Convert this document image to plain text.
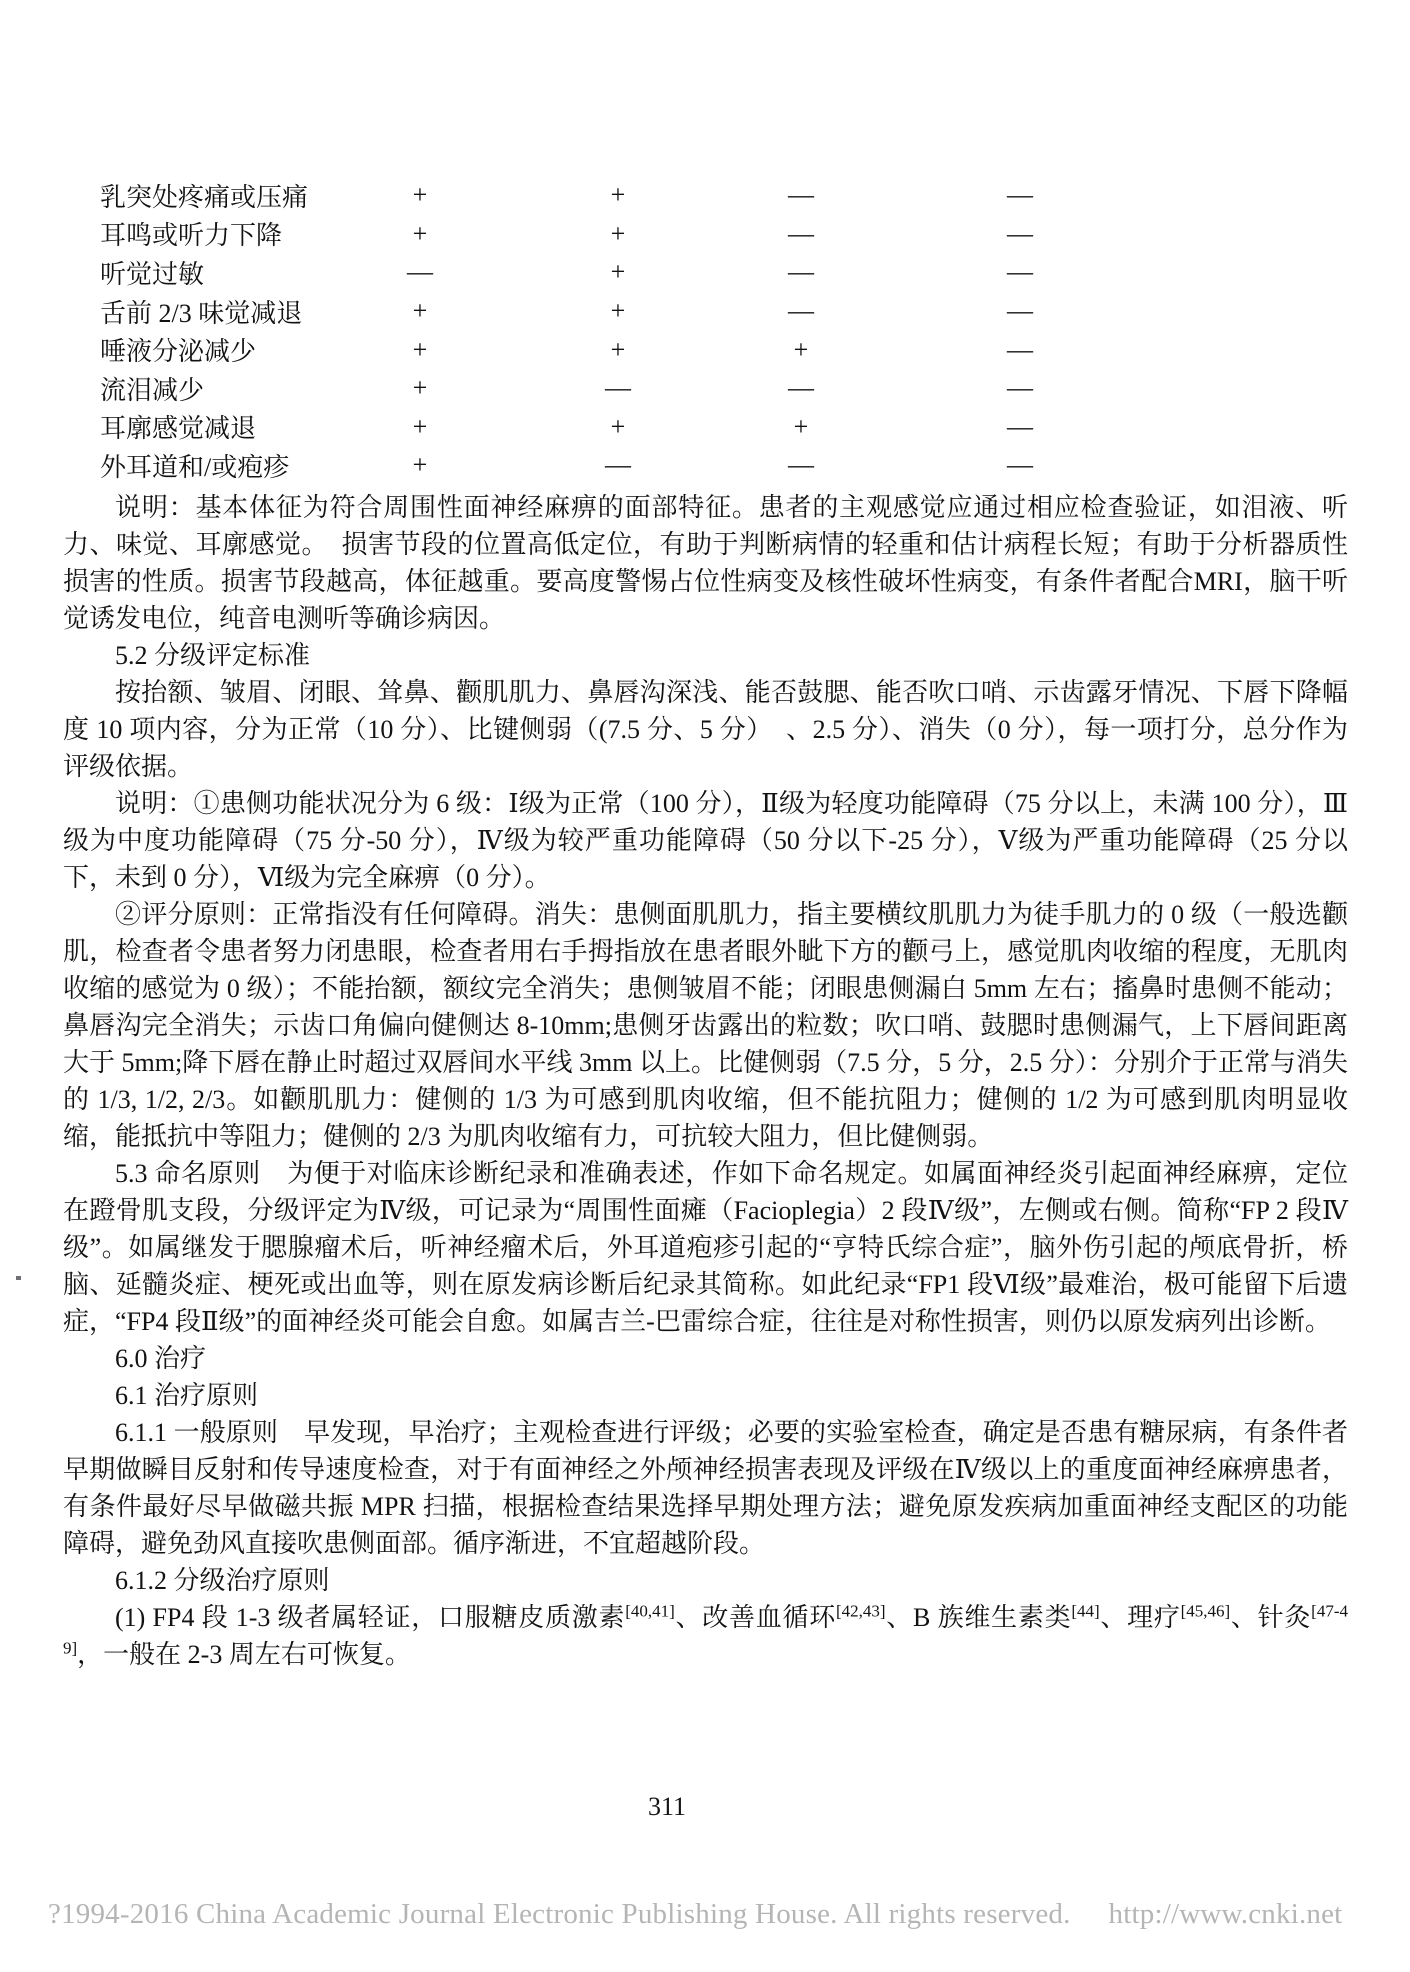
乳突处疼痛或压痛	+	+	—	—
耳鸣或听力下降	+	+	—	—
听觉过敏	—	+	—	—
舌前 2/3 味觉减退	+	+	—	—
唾液分泌减少	+	+	+	—
流泪减少	+	—	—	—
耳廓感觉减退	+	+	+	—
外耳道和/或疱疹	+	—	—	—

说明：基本体征为符合周围性面神经麻痹的面部特征。患者的主观感觉应通过相应检查验证，如泪液、听力、味觉、耳廓感觉。　损害节段的位置高低定位，有助于判断病情的轻重和估计病程长短；有助于分析器质性损害的性质。损害节段越高，体征越重。要高度警惕占位性病变及核性破坏性病变，有条件者配合MRI，脑干听觉诱发电位，纯音电测听等确诊病因。

5.2 分级评定标准

按抬额、皱眉、闭眼、耸鼻、颧肌肌力、鼻唇沟深浅、能否鼓腮、能否吹口哨、示齿露牙情况、下唇下降幅度 10 项内容，分为正常（10 分）、比键侧弱（(7.5 分、5 分）　、2.5 分）、消失（0 分），每一项打分，总分作为评级依据。

说明：①患侧功能状况分为 6 级：Ⅰ级为正常（100 分），Ⅱ级为轻度功能障碍（75 分以上，未满 100 分），Ⅲ级为中度功能障碍（75 分-50 分），Ⅳ级为较严重功能障碍（50 分以下-25 分），Ⅴ级为严重功能障碍（25 分以下，未到 0 分），Ⅵ级为完全麻痹（0 分）。

②评分原则：正常指没有任何障碍。消失：患侧面肌肌力，指主要横纹肌肌力为徒手肌力的 0 级（一般选颧肌，检查者令患者努力闭患眼，检查者用右手拇指放在患者眼外眦下方的颧弓上，感觉肌肉收缩的程度，无肌肉收缩的感觉为 0 级）；不能抬额，额纹完全消失；患侧皱眉不能；闭眼患侧漏白 5mm 左右；搐鼻时患侧不能动；鼻唇沟完全消失；示齿口角偏向健侧达 8-10mm;患侧牙齿露出的粒数；吹口哨、鼓腮时患侧漏气，上下唇间距离大于 5mm;降下唇在静止时超过双唇间水平线 3mm 以上。比健侧弱（7.5 分，5 分，2.5 分）：分别介于正常与消失的 1/3, 1/2, 2/3。如颧肌肌力：健侧的 1/3 为可感到肌肉收缩，但不能抗阻力；健侧的 1/2 为可感到肌肉明显收缩，能抵抗中等阻力；健侧的 2/3 为肌肉收缩有力，可抗较大阻力，但比健侧弱。

5.3 命名原则　为便于对临床诊断纪录和准确表述，作如下命名规定。如属面神经炎引起面神经麻痹，定位在蹬骨肌支段，分级评定为Ⅳ级，可记录为“周围性面瘫（Facioplegia）2 段Ⅳ级”，左侧或右侧。简称“FP 2 段Ⅳ级”。如属继发于腮腺瘤术后，听神经瘤术后，外耳道疱疹引起的“亨特氏综合症”，脑外伤引起的颅底骨折，桥脑、延髓炎症、梗死或出血等，则在原发病诊断后纪录其简称。如此纪录“FP1 段Ⅵ级”最难治，极可能留下后遗症，“FP4 段Ⅱ级”的面神经炎可能会自愈。如属吉兰-巴雷综合症，往往是对称性损害，则仍以原发病列出诊断。

6.0 治疗

6.1 治疗原则

6.1.1 一般原则　早发现，早治疗；主观检查进行评级；必要的实验室检查，确定是否患有糖尿病，有条件者早期做瞬目反射和传导速度检查，对于有面神经之外颅神经损害表现及评级在Ⅳ级以上的重度面神经麻痹患者，有条件最好尽早做磁共振 MPR 扫描，根据检查结果选择早期处理方法；避免原发疾病加重面神经支配区的功能障碍，避免劲风直接吹患侧面部。循序渐进，不宜超越阶段。

6.1.2 分级治疗原则

(1) FP4 段 1-3 级者属轻证，口服糖皮质激素[40,41]、改善血循环[42,43]、B 族维生素类[44]、理疗[45,46]、针灸[47-49]，一般在 2-3 周左右可恢复。

311
?1994-2016 China Academic Journal Electronic Publishing House. All rights reserved. http://www.cnki.net
